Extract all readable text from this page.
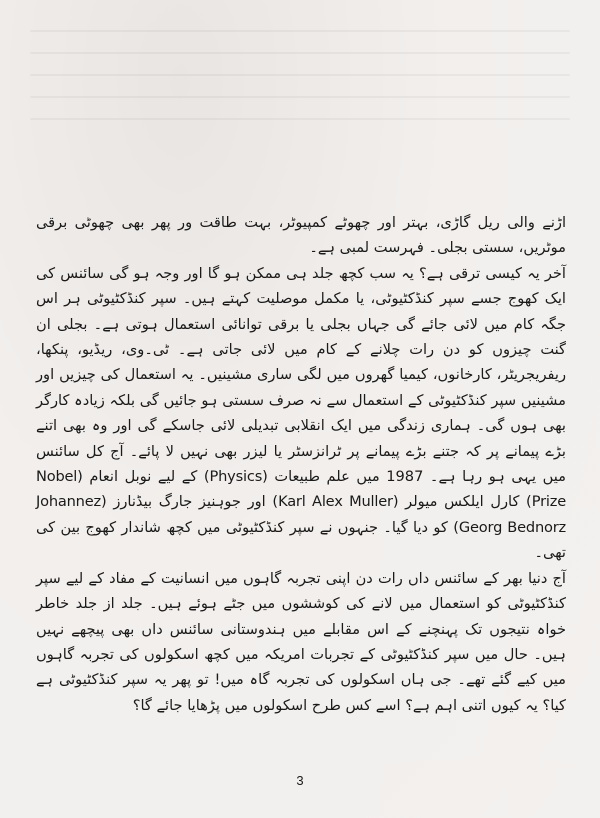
اڑنے والی ریل گاڑی، بہتر اور چھوٹے کمپیوٹر، بہت طاقت ور پھر بھی چھوٹی برقی موٹریں، سستی بجلی۔ فہرست لمبی ہے۔

آخر یہ کیسی ترقی ہے؟ یہ سب کچھ جلد ہی ممکن ہو گا اور وجہ ہو گی سائنس کی ایک کھوج جسے سپر کنڈکٹیوٹی، یا مکمل موصلیت کہتے ہیں۔ سپر کنڈکٹیوٹی ہر اس جگہ کام میں لائی جائے گی جہاں بجلی یا برقی توانائی استعمال ہوتی ہے۔ بجلی ان گنت چیزوں کو دن رات چلانے کے کام میں لائی جاتی ہے۔ ٹی۔وی، ریڈیو، پنکھا، ریفریجریٹر، کارخانوں، کیمیا گھروں میں لگی ساری مشینیں۔ یہ استعمال کی چیزیں اور مشینیں سپر کنڈکٹیوٹی کے استعمال سے نہ صرف سستی ہو جائیں گی بلکہ زیادہ کارگر بھی ہوں گی۔ ہماری زندگی میں ایک انقلابی تبدیلی لائی جاسکے گی اور وہ بھی اتنے بڑے پیمانے پر کہ جتنے بڑے پیمانے پر ٹرانزسٹر یا لیزر بھی نہیں لا پائے۔ آج کل سائنس میں یہی ہو رہا ہے۔ 1987 میں علم طبیعات (Physics) کے لیے نوبل انعام (Nobel Prize) کارل ایلکس میولر (Karl Alex Muller) اور جوہنیز جارگ بیڈنارز (Johannez Georg Bednorz) کو دیا گیا۔ جنہوں نے سپر کنڈکٹیوٹی میں کچھ شاندار کھوج بین کی تھی۔

آج دنیا بھر کے سائنس داں رات دن اپنی تجربہ گاہوں میں انسانیت کے مفاد کے لیے سپر کنڈکٹیوٹی کو استعمال میں لانے کی کوششوں میں جٹے ہوئے ہیں۔ جلد از جلد خاطر خواہ نتیجوں تک پہنچنے کے اس مقابلے میں ہندوستانی سائنس داں بھی پیچھے نہیں ہیں۔ حال میں سپر کنڈکٹیوٹی کے تجربات امریکہ میں کچھ اسکولوں کی تجربہ گاہوں میں کیے گئے تھے۔ جی ہاں اسکولوں کی تجربہ گاہ میں! تو پھر یہ سپر کنڈکٹیوٹی ہے کیا؟ یہ کیوں اتنی اہم ہے؟ اسے کس طرح اسکولوں میں پڑھایا جائے گا؟

3
